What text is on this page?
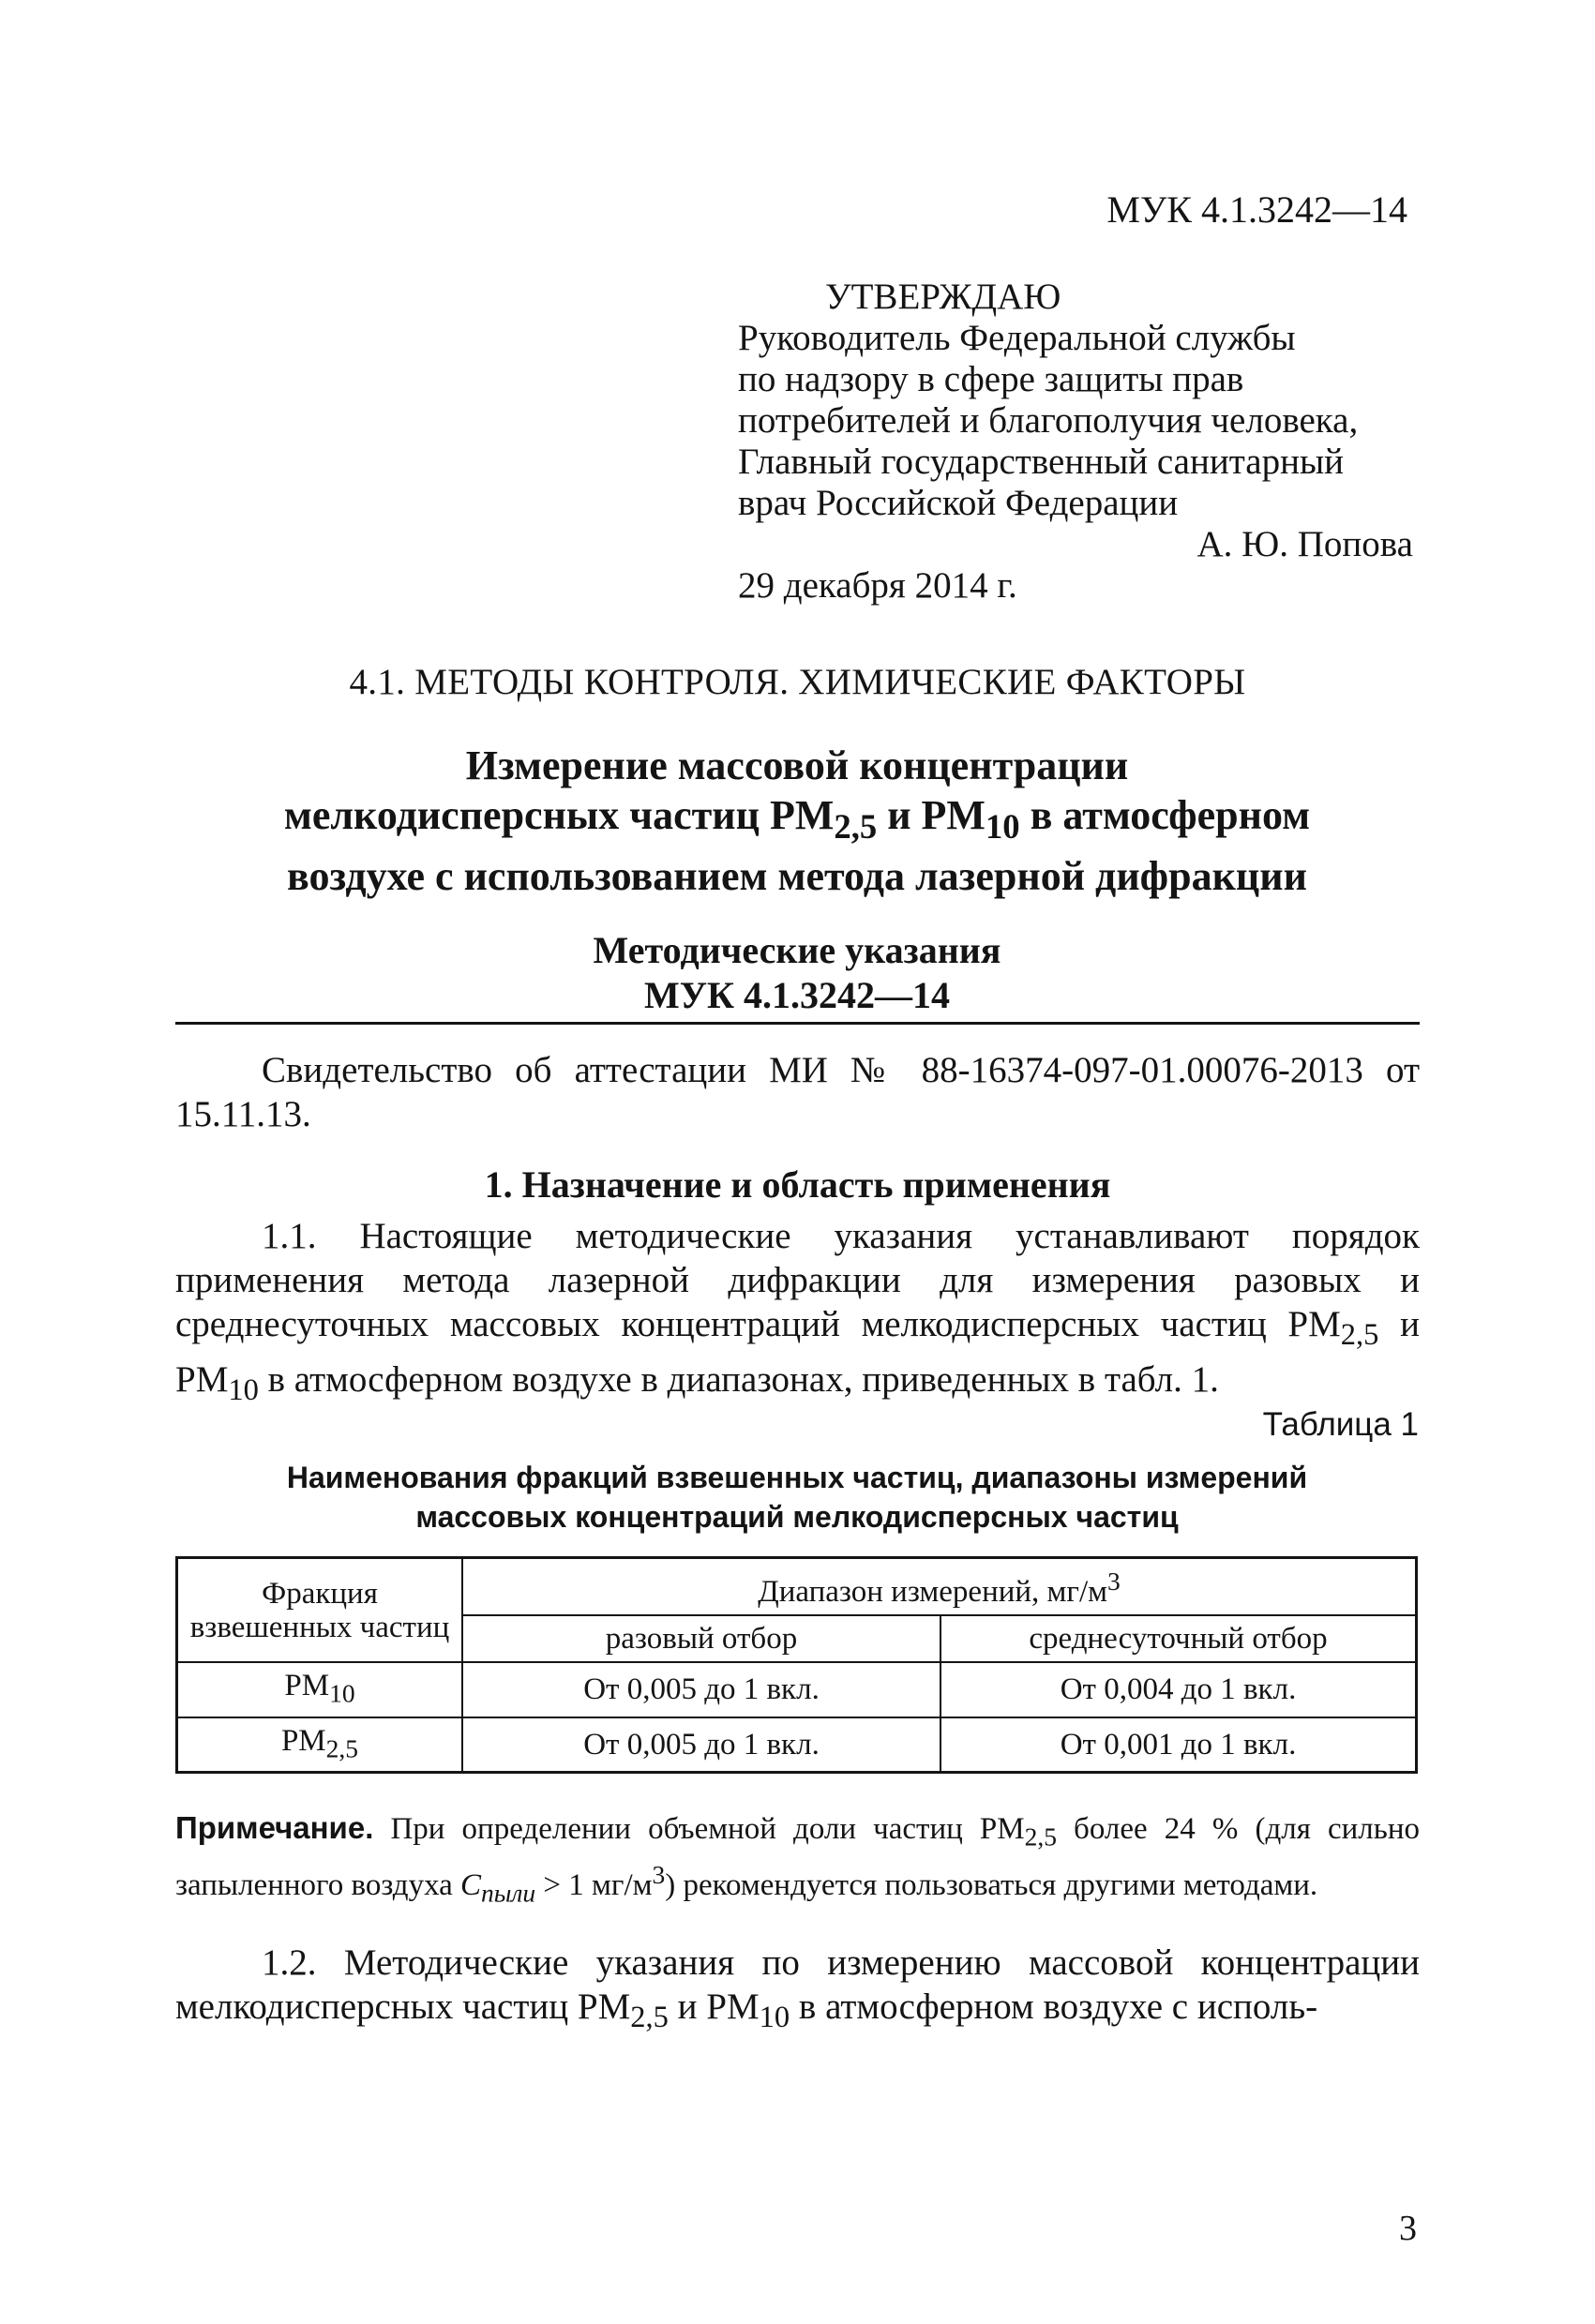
МУК 4.1.3242—14
УТВЕРЖДАЮ
Руководитель Федеральной службы
по надзору в сфере защиты прав
потребителей и благополучия человека,
Главный государственный санитарный
врач Российской Федерации
А. Ю. Попова
29 декабря 2014 г.
4.1. МЕТОДЫ КОНТРОЛЯ. ХИМИЧЕСКИЕ ФАКТОРЫ
Измерение массовой концентрации
мелкодисперсных частиц $PM_{2,5}$ и $PM_{10}$ в атмосферном
воздухе с использованием метода лазерной дифракции
Методические указания
МУК 4.1.3242—14
Свидетельство об аттестации МИ № 88-16374-097-01.00076-2013 от 15.11.13.
1. Назначение и область применения
1.1. Настоящие методические указания устанавливают порядок применения метода лазерной дифракции для измерения разовых и среднесуточных массовых концентраций мелкодисперсных частиц $PM_{2,5}$ и $PM_{10}$ в атмосферном воздухе в диапазонах, приведенных в табл. 1.
Таблица 1
Наименования фракций взвешенных частиц, диапазоны измерений
массовых концентраций мелкодисперсных частиц
Фракция взвешенных частиц	Диапазон измерений, $мг/м^3$
	разовый отбор	среднесуточный отбор
$PM_{10}$	От 0,005 до 1 вкл.	От 0,004 до 1 вкл.
$PM_{2,5}$	От 0,005 до 1 вкл.	От 0,001 до 1 вкл.
Примечание. При определении объемной доли частиц $PM_{2,5}$ более 24 % (для сильно запыленного воздуха $C_{пыли} > 1$ $мг/м^3$) рекомендуется пользоваться другими методами.
1.2. Методические указания по измерению массовой концентрации мелкодисперсных частиц $PM_{2,5}$ и $PM_{10}$ в атмосферном воздухе с исполь-
3
